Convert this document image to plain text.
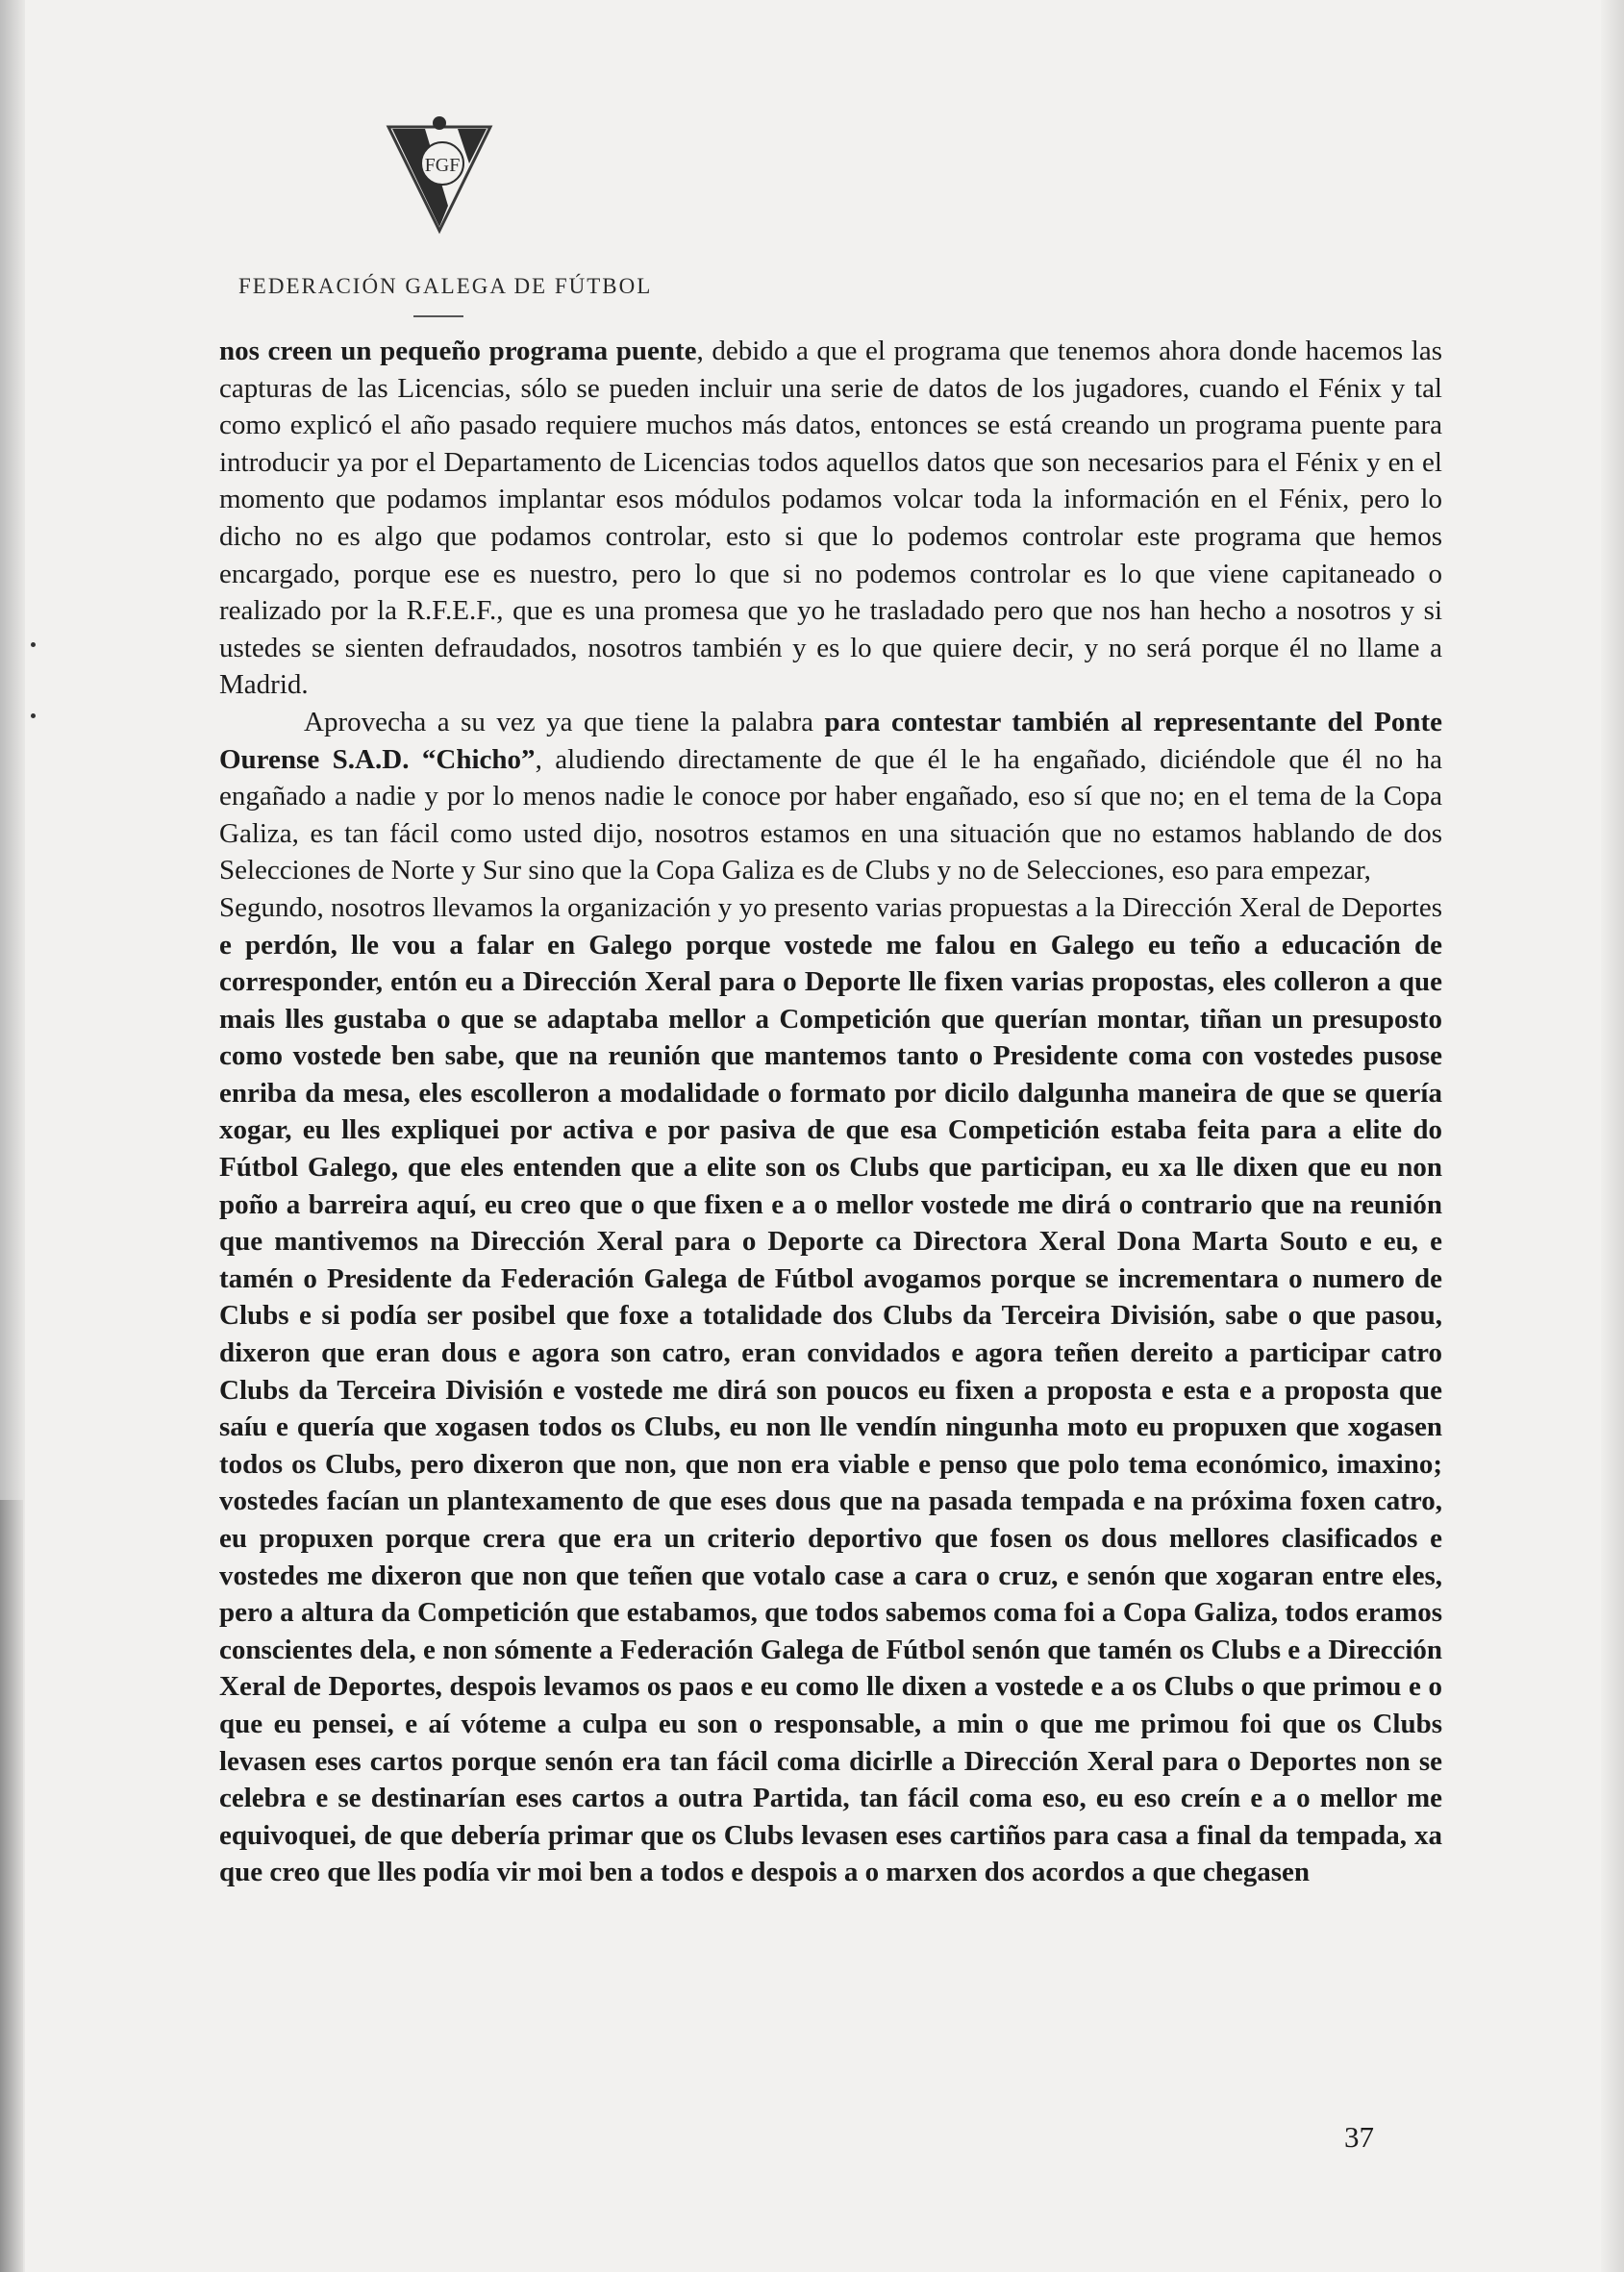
FGF
FEDERACIÓN GALEGA DE FÚTBOL

nos creen un pequeño programa puente, debido a que el programa que tenemos ahora donde hacemos las capturas de las Licencias, sólo se pueden incluir una serie de datos de los jugadores, cuando el Fénix y tal como explicó el año pasado requiere muchos más datos, entonces se está creando un programa puente para introducir ya por el Departamento de Licencias todos aquellos datos que son necesarios para el Fénix y en el momento que podamos implantar esos módulos podamos volcar toda la información en el Fénix, pero lo dicho no es algo que podamos controlar, esto si que lo podemos controlar este programa que hemos encargado, porque ese es nuestro, pero lo que si no podemos controlar es lo que viene capitaneado o realizado por la R.F.E.F., que es una promesa que yo he trasladado pero que nos han hecho a nosotros y si ustedes se sienten defraudados, nosotros también y es lo que quiere decir, y no será porque él no llame a Madrid.

Aprovecha a su vez ya que tiene la palabra para contestar también al representante del Ponte Ourense S.A.D. “Chicho”, aludiendo directamente de que él le ha engañado, diciéndole que él no ha engañado a nadie y por lo menos nadie le conoce por haber engañado, eso sí que no; en el tema de la Copa Galiza, es tan fácil como usted dijo, nosotros estamos en una situación que no estamos hablando de dos Selecciones de Norte y Sur sino que la Copa Galiza es de Clubs y no de Selecciones, eso para empezar,

Segundo, nosotros llevamos la organización y yo presento varias propuestas a la Dirección Xeral de Deportes e perdón, lle vou a falar en Galego porque vostede me falou en Galego eu teño a educación de corresponder, entón eu a Dirección Xeral para o Deporte lle fixen varias propostas, eles colleron a que mais lles gustaba o que se adaptaba mellor a Competición que querían montar, tiñan un presuposto como vostede ben sabe, que na reunión que mantemos tanto o Presidente coma con vostedes pusose enriba da mesa, eles escolleron a modalidade o formato por dicilo dalgunha maneira de que se quería xogar, eu lles expliquei por activa e por pasiva de que esa Competición estaba feita para a elite do Fútbol Galego, que eles entenden que a elite son os Clubs que participan, eu xa lle dixen que eu non poño a barreira aquí, eu creo que o que fixen e a o mellor vostede me dirá o contrario que na reunión que mantivemos na Dirección Xeral para o Deporte ca Directora Xeral Dona Marta Souto e eu, e tamén o Presidente da Federación Galega de Fútbol avogamos porque se incrementara o numero de Clubs e si podía ser posibel que foxe a totalidade dos Clubs da Terceira División, sabe o que pasou, dixeron que eran dous e agora son catro, eran convidados e agora teñen dereito a participar catro Clubs da Terceira División e vostede me dirá son poucos eu fixen a proposta e esta e a proposta que saíu e quería que xogasen todos os Clubs, eu non lle vendín ningunha moto eu propuxen que xogasen todos os Clubs, pero dixeron que non, que non era viable e penso que polo tema económico, imaxino; vostedes facían un plantexamento de que eses dous que na pasada tempada e na próxima foxen catro, eu propuxen porque crera que era un criterio deportivo que fosen os dous mellores clasificados e vostedes me dixeron que non que teñen que votalo case a cara o cruz, e senón que xogaran entre eles, pero a altura da Competición que estabamos, que todos sabemos coma foi a Copa Galiza, todos eramos conscientes dela, e non sómente a Federación Galega de Fútbol senón que tamén os Clubs e a Dirección Xeral de Deportes, despois levamos os paos e eu como lle dixen a vostede e a os Clubs o que primou e o que eu pensei, e aí vóteme a culpa eu son o responsable, a min o que me primou foi que os Clubs levasen eses cartos porque senón era tan fácil coma dicirlle a Dirección Xeral para o Deportes non se celebra e se destinarían eses cartos a outra Partida, tan fácil coma eso, eu eso creín e a o mellor me equivoquei, de que debería primar que os Clubs levasen eses cartiños para casa a final da tempada, xa que creo que lles podía vir moi ben a todos e despois a o marxen dos acordos a que chegasen

37
